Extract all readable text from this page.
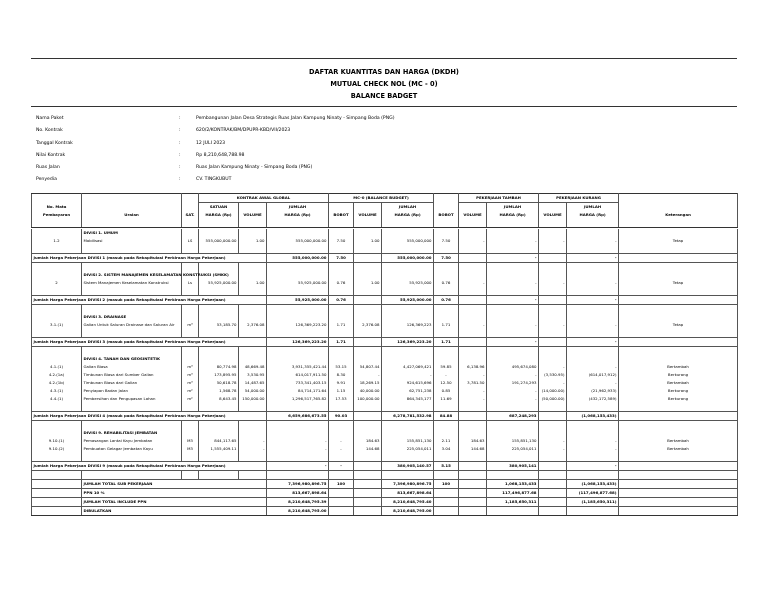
DAFTAR KUANTITAS DAN HARGA (DKDH)
MUTUAL CHECK NOL (MC - 0)
BALANCE BADGET
Nama Paket	:	Pembangunan Jalan Desa Strategis Ruas Jalan Kampung Ninaty - Simpang Boda (PNG)
No. Kontrak	:	620/2/KONTRAK/BM/DPUPR-KBD/VII/2023
Tanggal Kontrak	:	12 JULI 2023
Nilai Kontrak	:	Rp 8,210,648,788.98
Ruas Jalan	:	Ruas Jalan Kampung Ninaty - Simpang Boda (PNG)
Penyedia	:	CV. TINGKUBUT
			KONTRAK AWAL GLOBAL			MC-0 (BALANCE BUDGET)				PEKERJAAN TAMBAH		PEKERJAAN KURANG		
No. Mata			SATUAN		JUMLAH			JUMLAH			JUMLAH		JUMLAH	
Pembayaran	Uraian	SAT.	HARGA (Rp)	VOLUME	HARGA (Rp)	BOBOT	VOLUME	HARGA (Rp)	BOBOT	VOLUME	HARGA (Rp)	VOLUME	HARGA (Rp)	Keterangan

	DIVISI 1. UMUM													
1.2	Mobilisasi	LS	555,000,000.00	1.00	555,000,000.00	7.50	1.00	555,000,000	7.50	-	-	-	-	Tetap

Jumlah Harga Pekerjaan DIVISI 1 (masuk pada Rekapitulasi Perkiraan Harga Pekerjaan)					555,000,000.00	7.50		555,000,000.00	7.50		-		-	

	DIVISI 2. SISTEM MANAJEMEN KESELAMATAN KONSTRUKSI (SMKK)													
2	Sistem Manajemen Keselamatan Konstruksi	Ls	55,925,000.00	1.00	55,925,000.00	0.76	1.00	55,925,000	0.76	-	-	-	-	Tetap

Jumlah Harga Pekerjaan DIVISI 2 (masuk pada Rekapitulasi Perkiraan Harga Pekerjaan)					55,925,000.00	0.76		55,925,000.00	0.76		-		-	

	DIVISI 3. DRAINASE													
3.1.(1)	Galian Untuk Saluran Drainase dan Saluran Air	m³	53,185.70	2,376.08	126,369,223.20	1.71	2,376.08	126,369,223	1.71	-	-	-	-	Tetap

Jumlah Harga Pekerjaan DIVISI 3 (masuk pada Rekapitulasi Perkiraan Harga Pekerjaan)					126,369,223.20	1.71		126,369,223.20	1.71		-		-	

	DIVISI 4. TANAH DAN GEOSINTETIK													
4.1.(1)	Galian Biasa	m³	80,774.98	48,669.48	3,931,355,421.44	53.15	54,807.44	4,427,069,421	59.85	6,138.96	495,674,080	-	-	Bertambah
4.2.(1a)	Timbunan Biasa dari Sumber Galian	m³	173,895.95	3,530.95	614,017,911.50	8.30	-	-	-	-	-	(3,530.95)	(614,017,912)	Berkurang
4.2.(1b)	Timbunan Biasa dari Galian	m³	50,618.78	14,487.65	733,341,403.15	9.91	18,269.15	924,615,696	12.50	3,781.50	191,274,293	-	-	Bertambah
4.3.(1)	Penyiapan Badan Jalan	m²	1,568.78	54,000.00	84,714,171.64	1.15	40,000.00	62,751,238	0.85	-	-	(14,000.00)	(21,962,933)	Berkurang
4.4.(1)	Pembersihan dan Pengupasan Lahan	m²	8,643.45	150,000.00	1,296,517,765.82	17.53	100,000.00	864,345,177	11.69	-	-	(50,000.00)	(432,172,589)	Berkurang

Jumlah Harga Pekerjaan DIVISI 4 (masuk pada Rekapitulasi Perkiraan Harga Pekerjaan)					6,659,686,673.55	90.03		6,278,781,532.98	84.88		687,248,293		(1,068,153,433)	

	DIVISI 9. REHABILITASI JEMBATAN													
9.10.(1)	Pemasangan Lantai Kayu Jembatan	M3	844,117.65	-	-	-	184.63	155,851,130	2.11	184.63	155,851,130	-	-	Bertambah
9.10.(2)	Pembuatan Gelagar Jembatan Kayu	M3	1,555,409.11	-	-	-	144.68	225,054,011	3.04	144.68	225,054,011	-	-	Bertambah

Jumlah Harga Pekerjaan DIVISI 9 (masuk pada Rekapitulasi Perkiraan Harga Pekerjaan)					-	-		380,905,140.57	5.15		380,905,141		-	

	JUMLAH TOTAL SUB PEKERJAAN				7,396,980,896.75	100		7,396,980,896.75	100		1,068,153,433		(1,068,153,433)	
	PPN 10 %				813,667,898.64			813,667,898.64			117,496,877.68		(117,496,877.68)	
	JUMLAH TOTAL INCLUDE PPN				8,210,648,795.39			8,210,648,795.40			1,185,650,311		(1,185,650,311)	
	DIBULATKAN				8,210,648,795.00			8,210,648,795.00						
